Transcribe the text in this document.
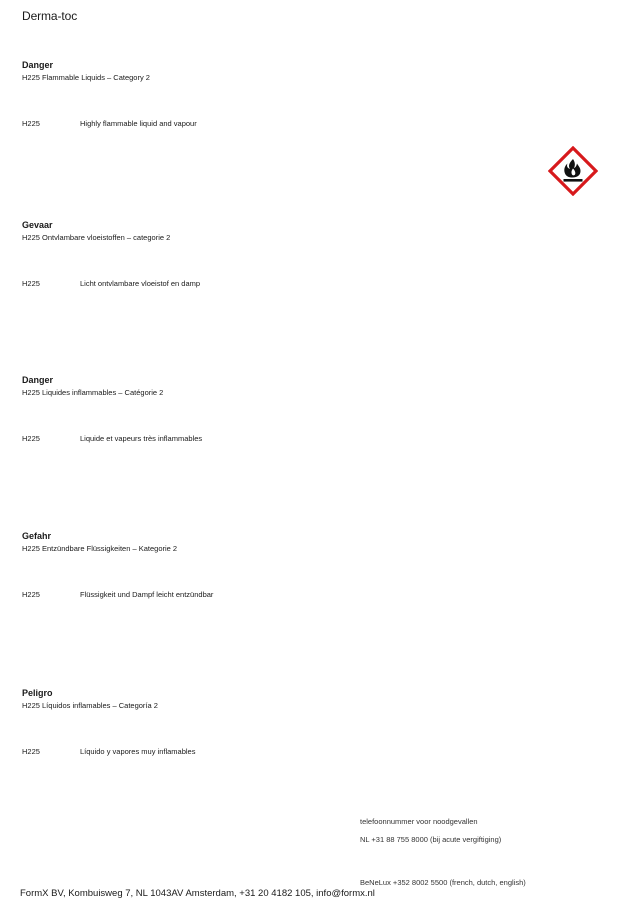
Derma-toc
Danger
H225 Flammable Liquids – Category 2
H225	Highly flammable liquid and vapour
Gevaar
H225 Ontvlambare vloeistoffen – categorie 2
H225	Licht ontvlambare vloeistof en damp
Danger
H225 Liquides inflammables – Catégorie 2
H225	Liquide et vapeurs très inflammables
Gefahr
H225 Entzündbare Flüssigkeiten – Kategorie 2
H225	Flüssigkeit und Dampf leicht entzündbar
Peligro
H225 Líquidos inflamables – Categoría 2
H225	Líquido y vapores muy inflamables
telefoonnummer voor noodgevallen
NL +31 88 755 8000 (bij acute vergiftiging)
BeNeLux +352 8002 5500 (french, dutch, english)
FormX BV, Kombuisweg 7, NL 1043AV Amsterdam, +31 20 4182 105, info@formx.nl
